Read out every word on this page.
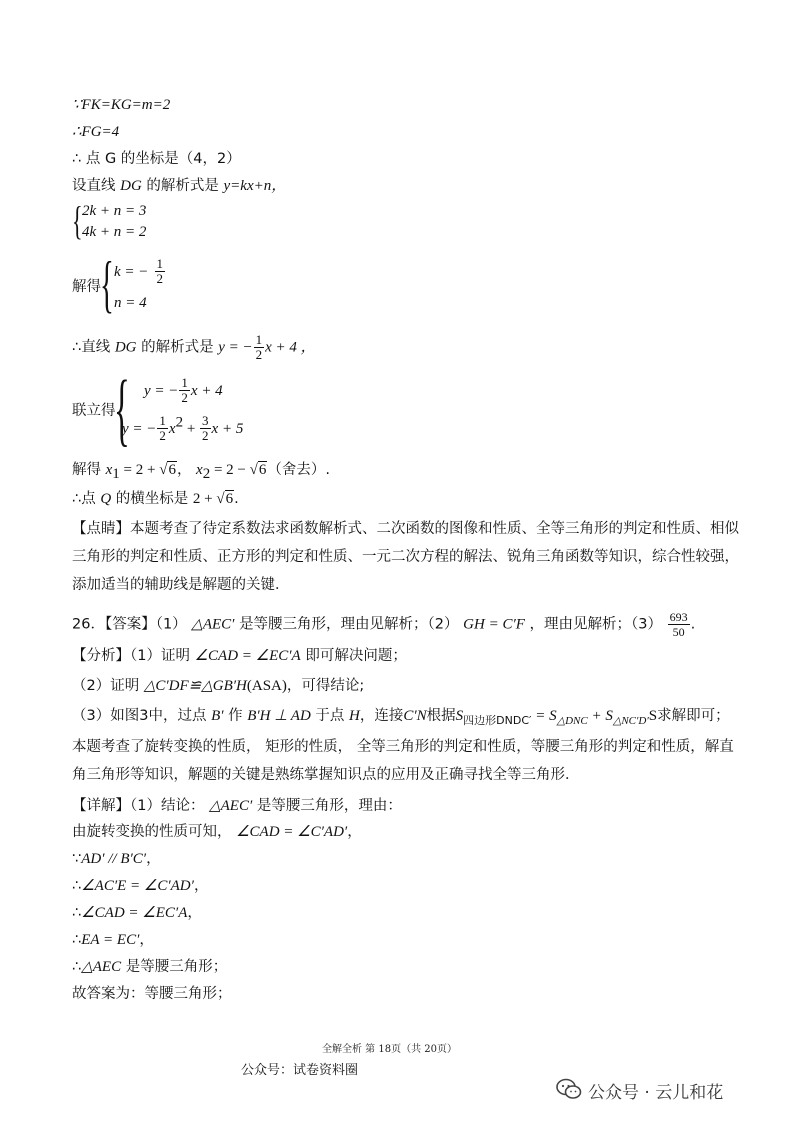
∵FK=KG=m=2
∴FG=4
∴ 点 G 的坐标是（4，2）
设直线 DG 的解析式是 y=kx+n，
{ 2k + n = 3
4k + n = 2
解得 { k = − $\frac{1}{2}$
n = 4
∴直线 DG 的解析式是 y = − $\frac{1}{2}$ x + 4 ，
联立得
{ y = − $\frac{1}{2}$ x + 4
y = − $\frac{1}{2} x^2 + \frac{3}{2}$ x + 5
解得 $x_1 = 2 + √6$， $x_2 = 2 - √6$（舍去）.
∴点 Q 的横坐标是 2 + √6.
【点睛】本题考查了待定系数法求函数解析式、二次函数的图像和性质、全等三角形的判定和性质、相似
三角形的判定和性质、正方形的判定和性质、一元二次方程的解法、锐角三角函数等知识，综合性较强，
添加适当的辅助线是解题的关键．
26．【答案】（1） △AEC′ 是等腰三角形，理由见解析；（2） GH = C′F ，理由见解析；$(3) \frac{693}{50}$ .
【分析】（1）证明 ∠CAD = ∠EC′A 即可解决问题；
（2）证明 △C′DF≌△GB′H(ASA)，可得结论;
（3）如图3中，过点 B′ 作 B′H ⊥ AD 于点 H，连接C′N根据$S_{四边形DNDC'} = S_{\triangle DNC} + S_{\triangle NC'D'}S$求解即可；
本题考查了旋转变换的性质， 矩形的性质， 全等三角形的判定和性质，等腰三角形的判定和性质，解直
角三角形等知识，解题的关键是熟练掌握知识点的应用及正确寻找全等三角形．
【详解】（1）结论： △AEC′ 是等腰三角形，理由：
由旋转变换的性质可知， ∠CAD = ∠C′AD′，
∵AD′ // B′C′，
∴∠AC′E = ∠C′AD′，
∴∠CAD = ∠EC′A，
∴EA = EC′，
∴△AEC 是等腰三角形；
故答案为：等腰三角形；
全解全析 第 18页（共 20页）
公众号：试卷资料圈
公众号 · 云儿和花
